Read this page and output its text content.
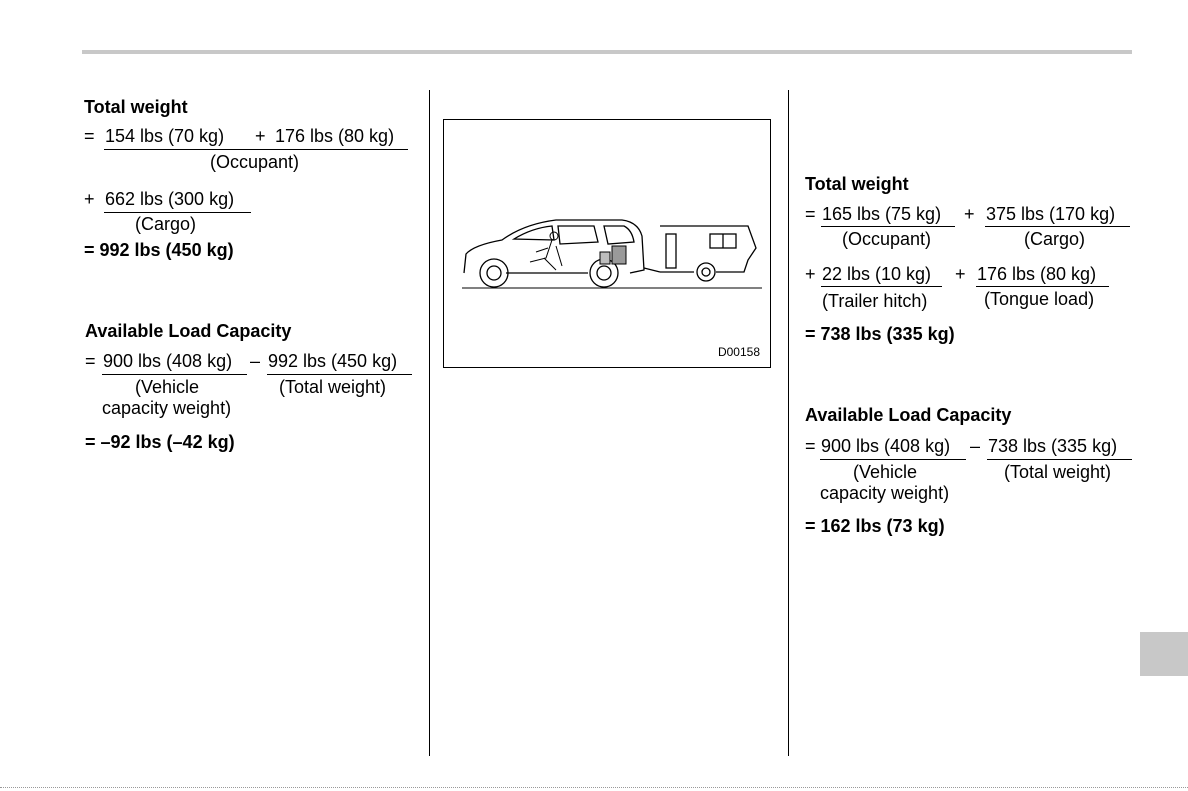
Total weight
= 154 lbs (70 kg) + 176 lbs (80 kg)
(Occupant)
+ 662 lbs (300 kg)
(Cargo)
= 992 lbs (450 kg)
Available Load Capacity
= 900 lbs (408 kg) – 992 lbs (450 kg)
(Vehicle	(Total weight)
capacity weight)
= –92 lbs (–42 kg)
D00158
Total weight
= 165 lbs (75 kg) + 375 lbs (170 kg)
(Occupant)	(Cargo)
+ 22 lbs (10 kg) + 176 lbs (80 kg)
(Trailer hitch)	(Tongue load)
= 738 lbs (335 kg)
Available Load Capacity
= 900 lbs (408 kg) – 738 lbs (335 kg)
(Vehicle	(Total weight)
capacity weight)
= 162 lbs (73 kg)
